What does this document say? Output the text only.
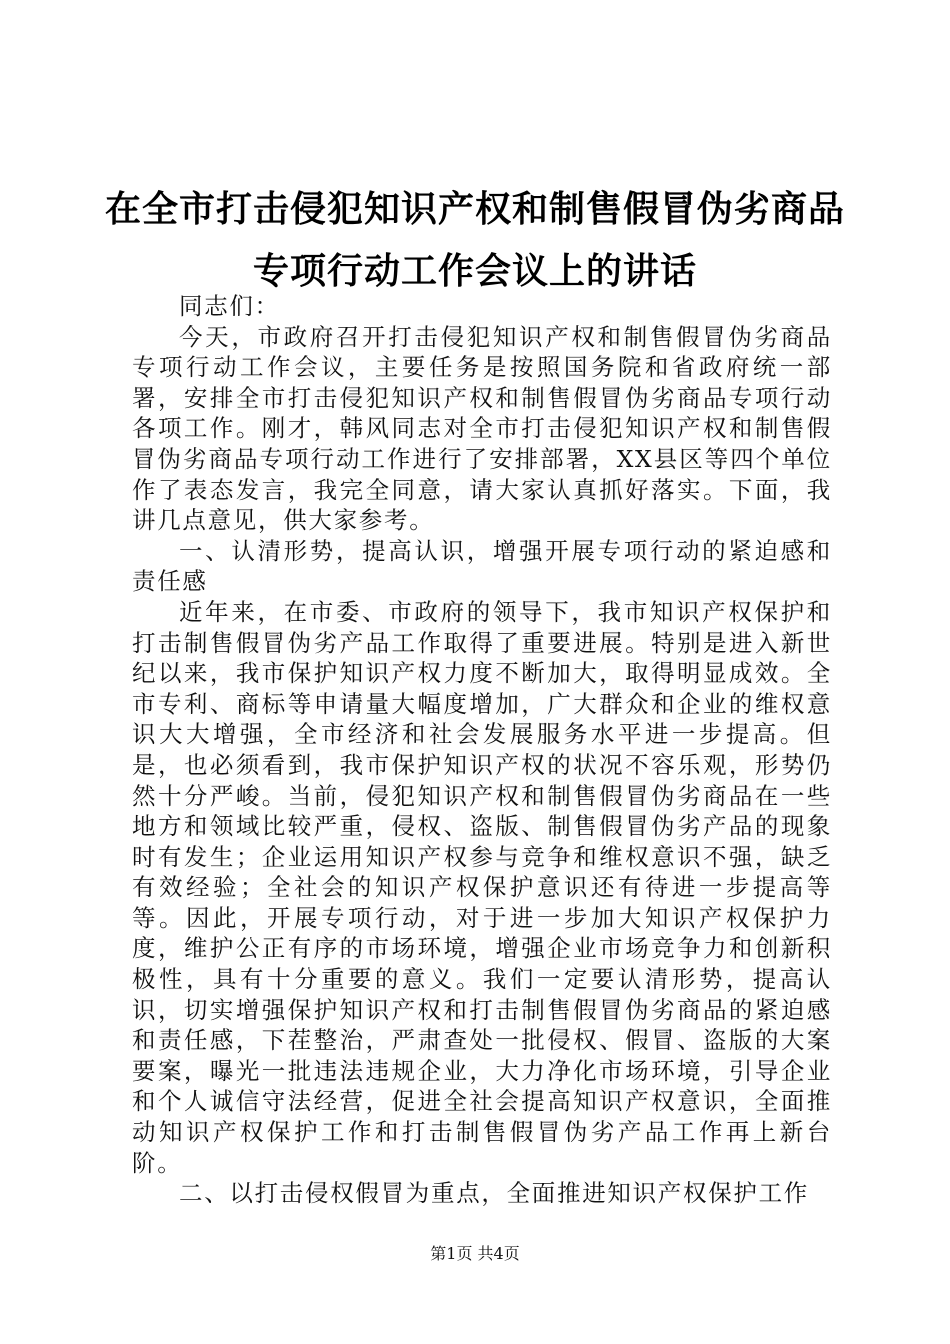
在全市打击侵犯知识产权和制售假冒伪劣商品
专项行动工作会议上的讲话

同志们：

今天，市政府召开打击侵犯知识产权和制售假冒伪劣商品专项行动工作会议，主要任务是按照国务院和省政府统一部署，安排全市打击侵犯知识产权和制售假冒伪劣商品专项行动各项工作。刚才，韩风同志对全市打击侵犯知识产权和制售假冒伪劣商品专项行动工作进行了安排部署，XX县区等四个单位作了表态发言，我完全同意，请大家认真抓好落实。下面，我讲几点意见，供大家参考。

一、认清形势，提高认识，增强开展专项行动的紧迫感和责任感

近年来，在市委、市政府的领导下，我市知识产权保护和打击制售假冒伪劣产品工作取得了重要进展。特别是进入新世纪以来，我市保护知识产权力度不断加大，取得明显成效。全市专利、商标等申请量大幅度增加，广大群众和企业的维权意识大大增强，全市经济和社会发展服务水平进一步提高。但是，也必须看到，我市保护知识产权的状况不容乐观，形势仍然十分严峻。当前，侵犯知识产权和制售假冒伪劣商品在一些地方和领域比较严重，侵权、盗版、制售假冒伪劣产品的现象时有发生；企业运用知识产权参与竞争和维权意识不强，缺乏有效经验；全社会的知识产权保护意识还有待进一步提高等等。因此，开展专项行动，对于进一步加大知识产权保护力度，维护公正有序的市场环境，增强企业市场竞争力和创新积极性，具有十分重要的意义。我们一定要认清形势，提高认识，切实增强保护知识产权和打击制售假冒伪劣商品的紧迫感和责任感，下茬整治，严肃查处一批侵权、假冒、盗版的大案要案，曝光一批违法违规企业，大力净化市场环境，引导企业和个人诚信守法经营，促进全社会提高知识产权意识，全面推动知识产权保护工作和打击制售假冒伪劣产品工作再上新台阶。

二、以打击侵权假冒为重点，全面推进知识产权保护工作

第1页 共4页
